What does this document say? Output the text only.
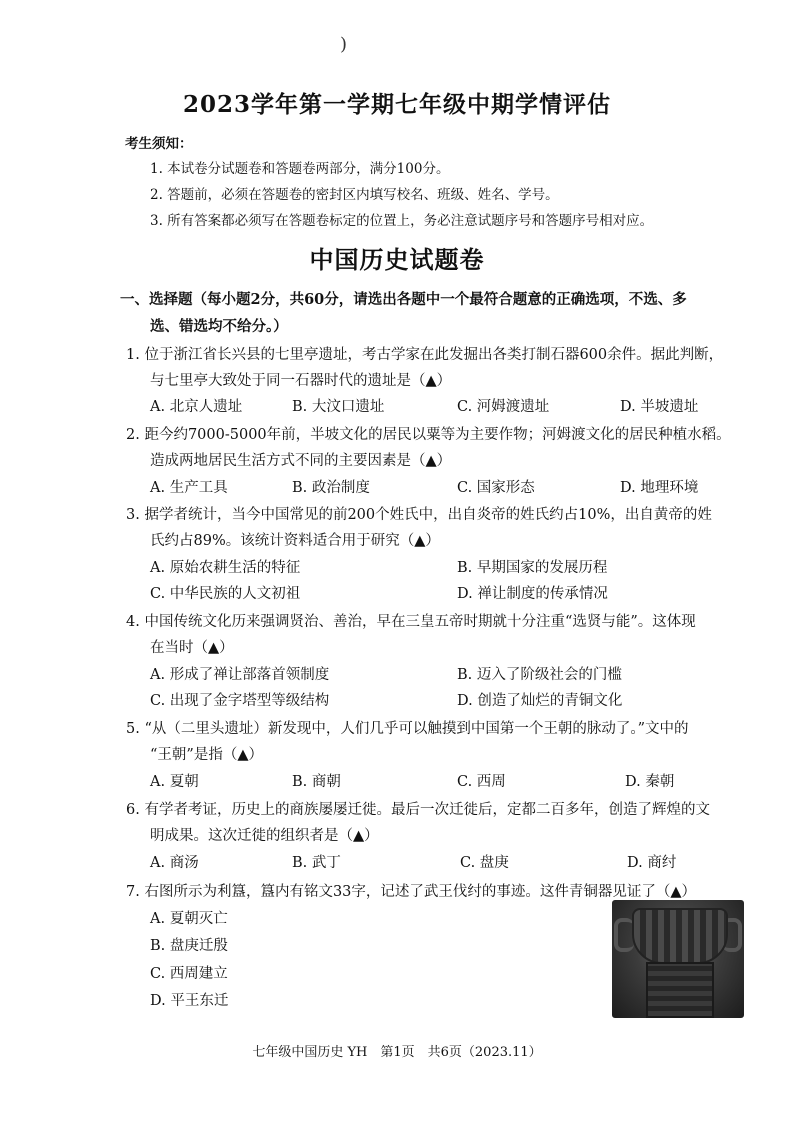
)
2023学年第一学期七年级中期学情评估
考生须知：
1. 本试卷分试题卷和答题卷两部分，满分100分。
2. 答题前，必须在答题卷的密封区内填写校名、班级、姓名、学号。
3. 所有答案都必须写在答题卷标定的位置上，务必注意试题序号和答题序号相对应。
中国历史试题卷
一、选择题（每小题2分，共60分，请选出各题中一个最符合题意的正确选项，不选、多
选、错选均不给分。）
1. 位于浙江省长兴县的七里亭遗址，考古学家在此发掘出各类打制石器600余件。据此判断，
与七里亭大致处于同一石器时代的遗址是（▲）
A. 北京人遗址	B. 大汶口遗址	C. 河姆渡遗址	D. 半坡遗址
2. 距今约7000-5000年前，半坡文化的居民以粟等为主要作物；河姆渡文化的居民种植水稻。
造成两地居民生活方式不同的主要因素是（▲）
A. 生产工具	B. 政治制度	C. 国家形态	D. 地理环境
3. 据学者统计，当今中国常见的前200个姓氏中，出自炎帝的姓氏约占10%，出自黄帝的姓
氏约占89%。该统计资料适合用于研究（▲）
A. 原始农耕生活的特征	B. 早期国家的发展历程
C. 中华民族的人文初祖	D. 禅让制度的传承情况
4. 中国传统文化历来强调贤治、善治，早在三皇五帝时期就十分注重“选贤与能”。这体现
在当时（▲）
A. 形成了禅让部落首领制度	B. 迈入了阶级社会的门槛
C. 出现了金字塔型等级结构	D. 创造了灿烂的青铜文化
5. “从（二里头遗址）新发现中，人们几乎可以触摸到中国第一个王朝的脉动了。”文中的
“王朝”是指（▲）
A. 夏朝	B. 商朝	C. 西周	D. 秦朝
6. 有学者考证，历史上的商族屡屡迁徙。最后一次迁徙后，定都二百多年，创造了辉煌的文
明成果。这次迁徙的组织者是（▲）
A. 商汤	B. 武丁	C. 盘庚	D. 商纣
7. 右图所示为利簋，簋内有铭文33字，记述了武王伐纣的事迹。这件青铜器见证了（▲）
A. 夏朝灭亡
B. 盘庚迁殷
C. 西周建立
D. 平王东迁
七年级中国历史 YH　第1页　共6页（2023.11）
